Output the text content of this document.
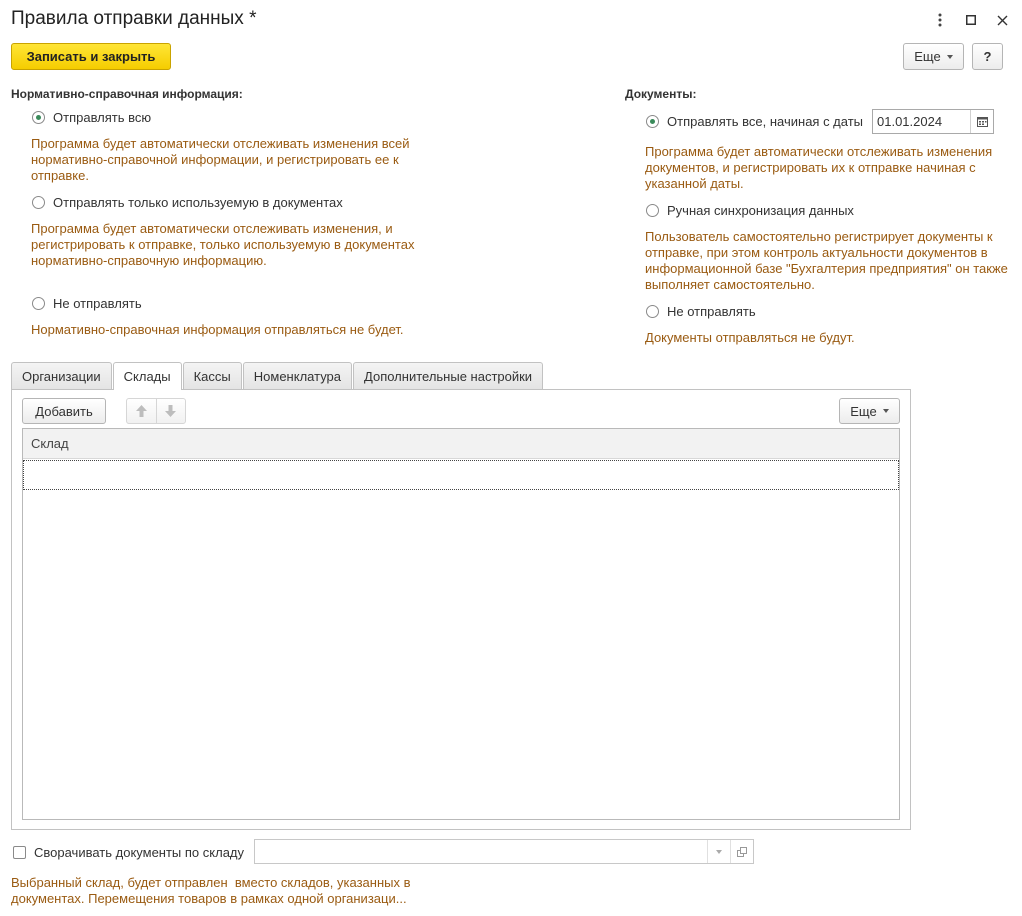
Правила отправки данных *
Записать и закрыть	Еще	?
Нормативно-справочная информация:
Отправлять всю
Программа будет автоматически отслеживать изменения всей нормативно-справочной информации, и регистрировать ее к отправке.
Отправлять только используемую в документах
Программа будет автоматически отслеживать изменения, и регистрировать к отправке, только используемую в документах нормативно-справочную информацию.
Не отправлять
Нормативно-справочная информация отправляться не будет.
Документы:
Отправлять все, начиная с даты	01.01.2024
Программа будет автоматически отслеживать изменения документов, и регистрировать их к отправке начиная с указанной даты.
Ручная синхронизация данных
Пользователь самостоятельно регистрирует документы к отправке, при этом контроль актуальности документов в информационной базе "Бухгалтерия предприятия" он также выполняет самостоятельно.
Не отправлять
Документы отправляться не будут.
Организации	Склады	Кассы	Номенклатура	Дополнительные настройки
Добавить	Еще
Склад
Сворачивать документы по складу
Выбранный склад, будет отправлен  вместо складов, указанных в
документах. Перемещения товаров в рамках одной организаци...
